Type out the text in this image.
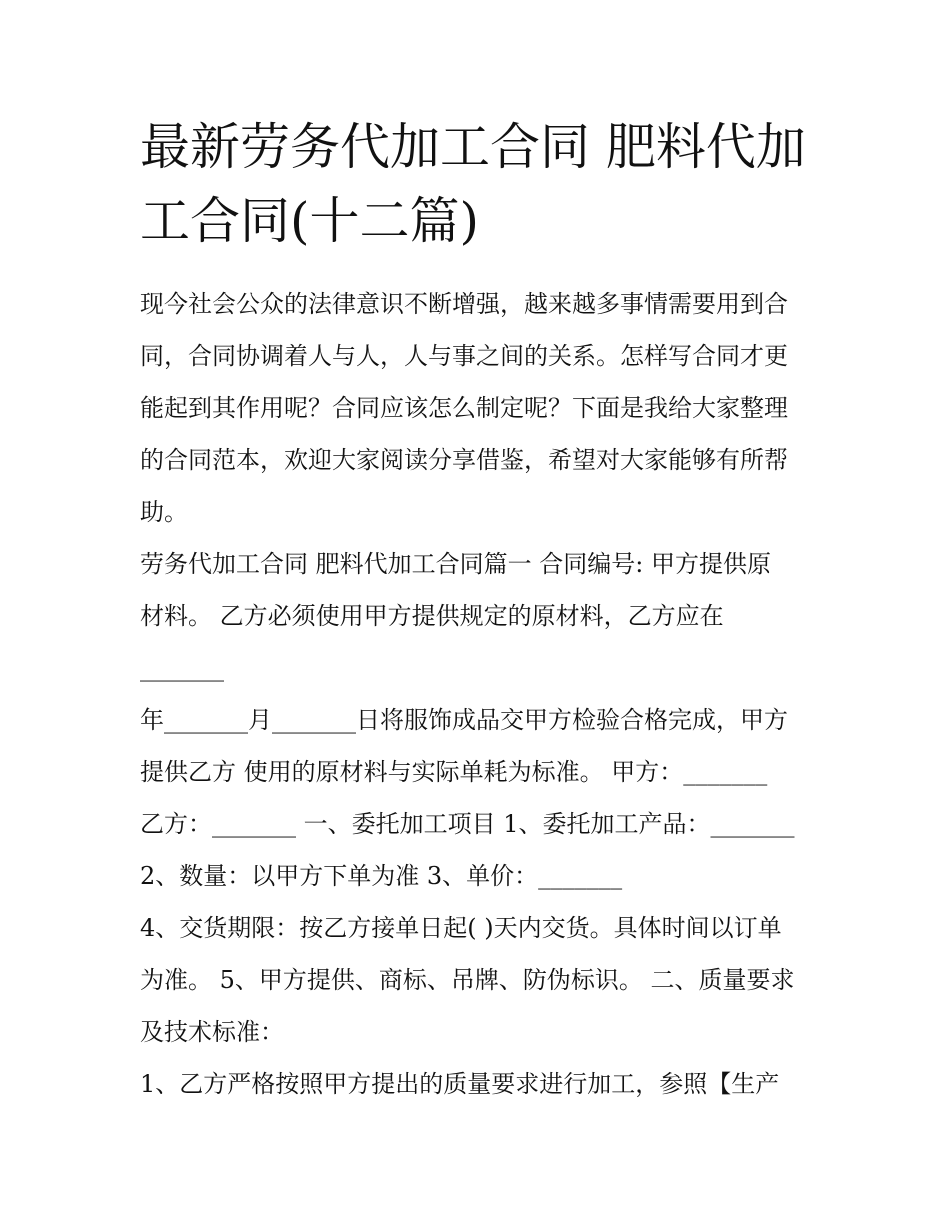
最新劳务代加工合同 肥料代加
工合同(十二篇)

现今社会公众的法律意识不断增强，越来越多事情需要用到合
同，合同协调着人与人，人与事之间的关系。怎样写合同才更
能起到其作用呢？合同应该怎么制定呢？下面是我给大家整理
的合同范本，欢迎大家阅读分享借鉴，希望对大家能够有所帮
助。

劳务代加工合同 肥料代加工合同篇一 合同编号: 甲方提供原
材料。 乙方必须使用甲方提供规定的原材料，乙方应在
_______
年_______月_______日将服饰成品交甲方检验合格完成，甲方
提供乙方 使用的原材料与实际单耗为标准。 甲方：_______
乙方：_______ 一、委托加工项目 1、委托加工产品：_______
2、数量：以甲方下单为准 3、单价：_______

4、交货期限：按乙方接单日起( )天内交货。具体时间以订单
为准。 5、甲方提供、商标、吊牌、防伪标识。 二、质量要求
及技术标准：

1、乙方严格按照甲方提出的质量要求进行加工，参照【生产
